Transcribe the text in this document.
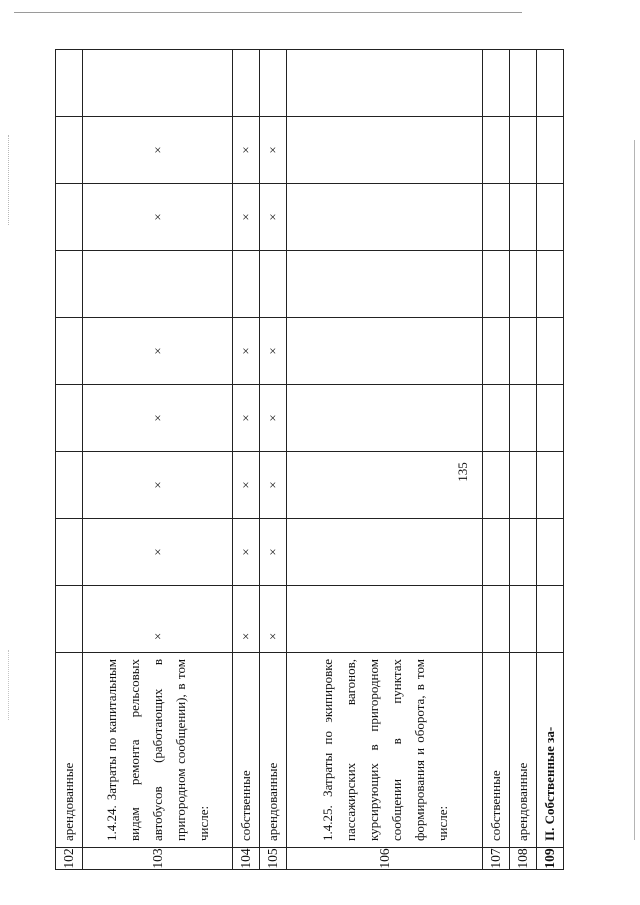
135
102	арендованные									
103	1.4.24. Затраты по капитальным видам ремонта рельсовых автобусов (работающих в пригородном сообщении), в том числе:	×	×	×	×	×		×	×	
104	собственные	×	×	×	×	×		×	×	
105	арендованные	×	×	×	×	×		×	×	
106	1.4.25. Затраты по экипировке пассажирских вагонов, курсирующих в пригородном сообщении в пунктах формирования и оборота, в том числе:									
107	собственные									
108	арендованные									
109	II. Собственные за-									
